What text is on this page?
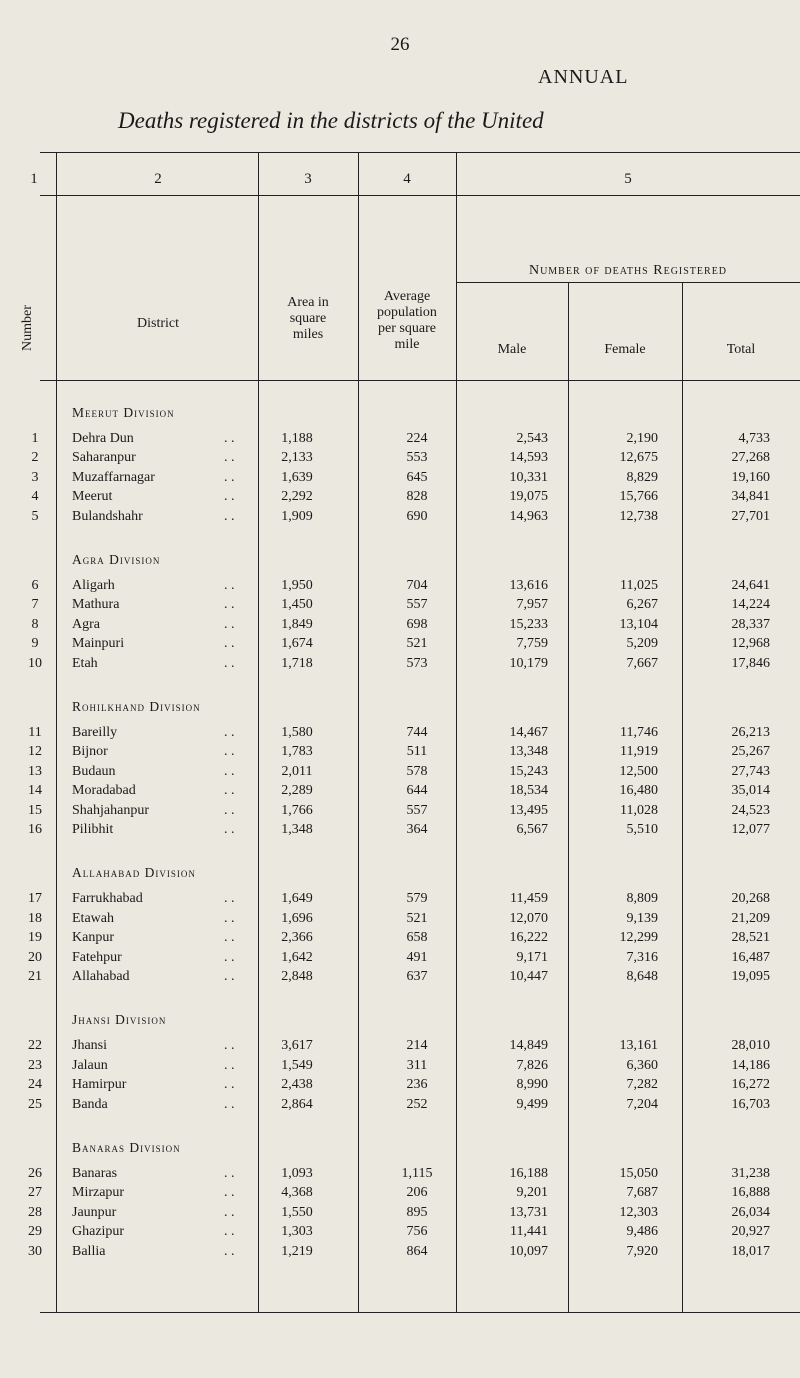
26
ANNUAL
Deaths registered in the districts of the United
1	2	3	4	5
Number	District
Area in
square
miles
Average
population
per square
mile
Number of deaths Registered
Male	Female	Total
Meerut Division
1	Dehra Dun	1,188	224	2,543	2,190	4,733
. .
2	Saharanpur	2,133	553	14,593	12,675	27,268
. .
3	Muzaffarnagar	1,639	645	10,331	8,829	19,160
. .
4	Meerut	2,292	828	19,075	15,766	34,841
. .
5	Bulandshahr	1,909	690	14,963	12,738	27,701
. .
Agra Division
6	Aligarh	1,950	704	13,616	11,025	24,641
. .
7	Mathura	1,450	557	7,957	6,267	14,224
. .
8	Agra	1,849	698	15,233	13,104	28,337
. .
9	Mainpuri	1,674	521	7,759	5,209	12,968
. .
10	Etah	1,718	573	10,179	7,667	17,846
. .
Rohilkhand Division
11	Bareilly	1,580	744	14,467	11,746	26,213
. .
12	Bijnor	1,783	511	13,348	11,919	25,267
. .
13	Budaun	2,011	578	15,243	12,500	27,743
. .
14	Moradabad	2,289	644	18,534	16,480	35,014
. .
15	Shahjahanpur	1,766	557	13,495	11,028	24,523
. .
16	Pilibhit	1,348	364	6,567	5,510	12,077
. .
Allahabad Division
17	Farrukhabad	1,649	579	11,459	8,809	20,268
. .
18	Etawah	1,696	521	12,070	9,139	21,209
. .
19	Kanpur	2,366	658	16,222	12,299	28,521
. .
20	Fatehpur	1,642	491	9,171	7,316	16,487
. .
21	Allahabad	2,848	637	10,447	8,648	19,095
. .
Jhansi Division
22	Jhansi	3,617	214	14,849	13,161	28,010
. .
23	Jalaun	1,549	311	7,826	6,360	14,186
. .
24	Hamirpur	2,438	236	8,990	7,282	16,272
. .
25	Banda	2,864	252	9,499	7,204	16,703
. .
Banaras Division
26	Banaras	1,093	1,115	16,188	15,050	31,238
. .
27	Mirzapur	4,368	206	9,201	7,687	16,888
. .
28	Jaunpur	1,550	895	13,731	12,303	26,034
. .
29	Ghazipur	1,303	756	11,441	9,486	20,927
. .
30	Ballia	1,219	864	10,097	7,920	18,017
. .
